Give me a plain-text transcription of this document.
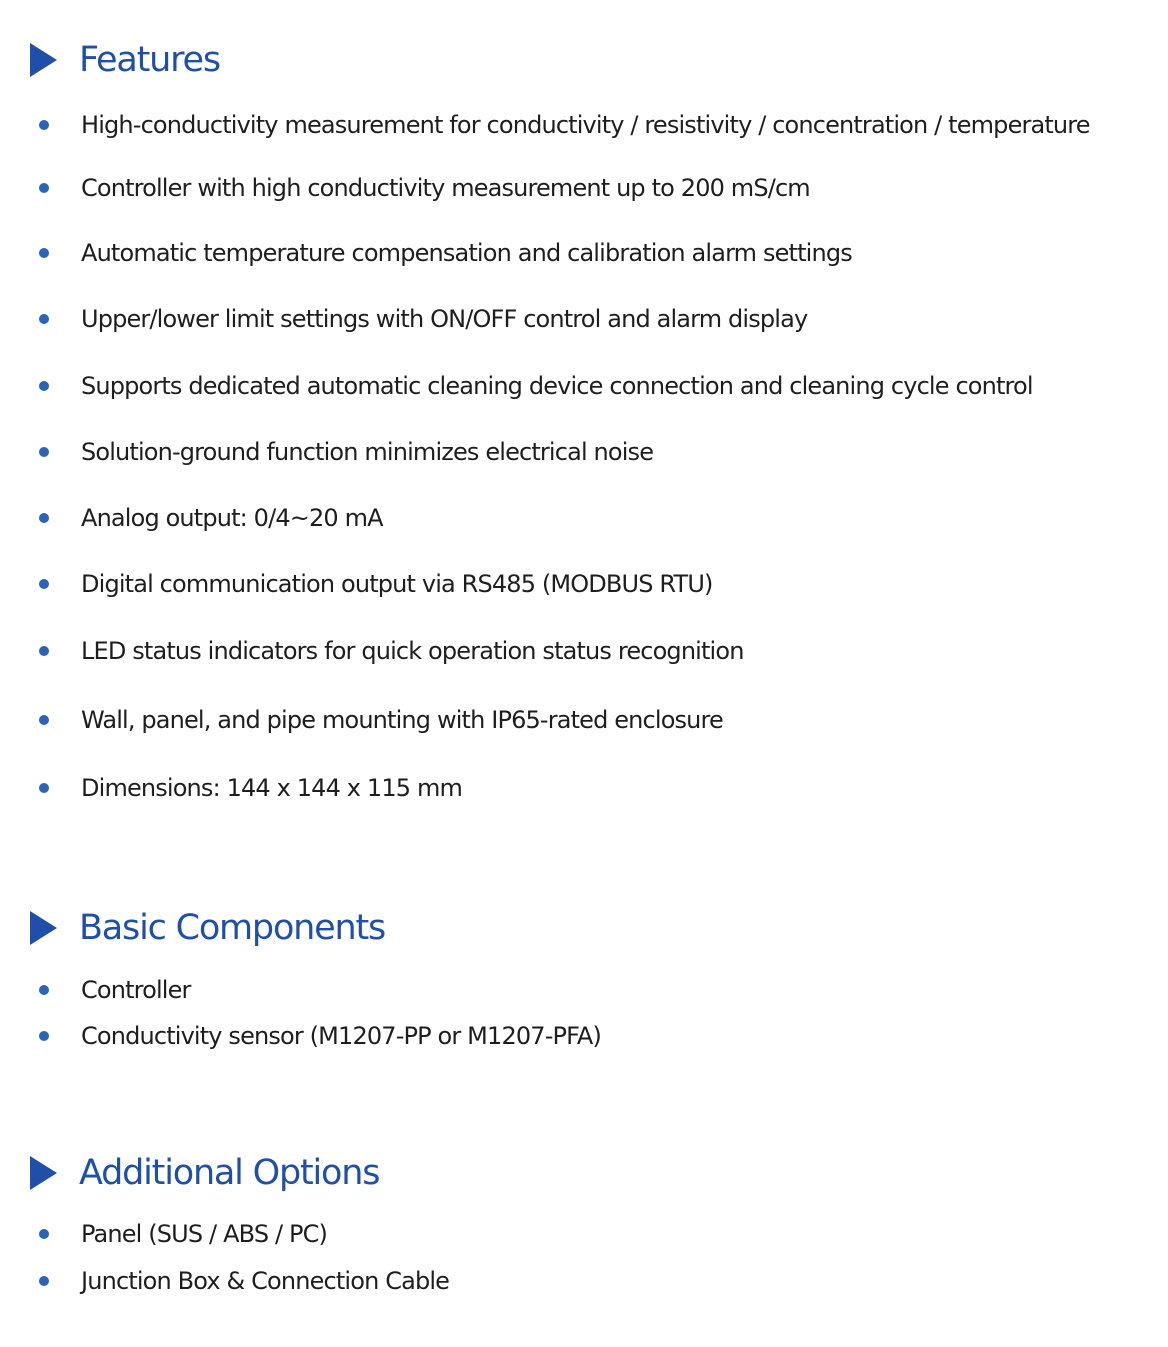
Features
High-conductivity measurement for conductivity / resistivity / concentration / temperature
Controller with high conductivity measurement up to 200 mS/cm
Automatic temperature compensation and calibration alarm settings
Upper/lower limit settings with ON/OFF control and alarm display
Supports dedicated automatic cleaning device connection and cleaning cycle control
Solution-ground function minimizes electrical noise
Analog output: 0/4~20 mA
Digital communication output via RS485 (MODBUS RTU)
LED status indicators for quick operation status recognition
Wall, panel, and pipe mounting with IP65-rated enclosure
Dimensions: 144 x 144 x 115 mm
Basic Components
Controller
Conductivity sensor (M1207-PP or M1207-PFA)
Additional Options
Panel (SUS / ABS / PC)
Junction Box & Connection Cable
